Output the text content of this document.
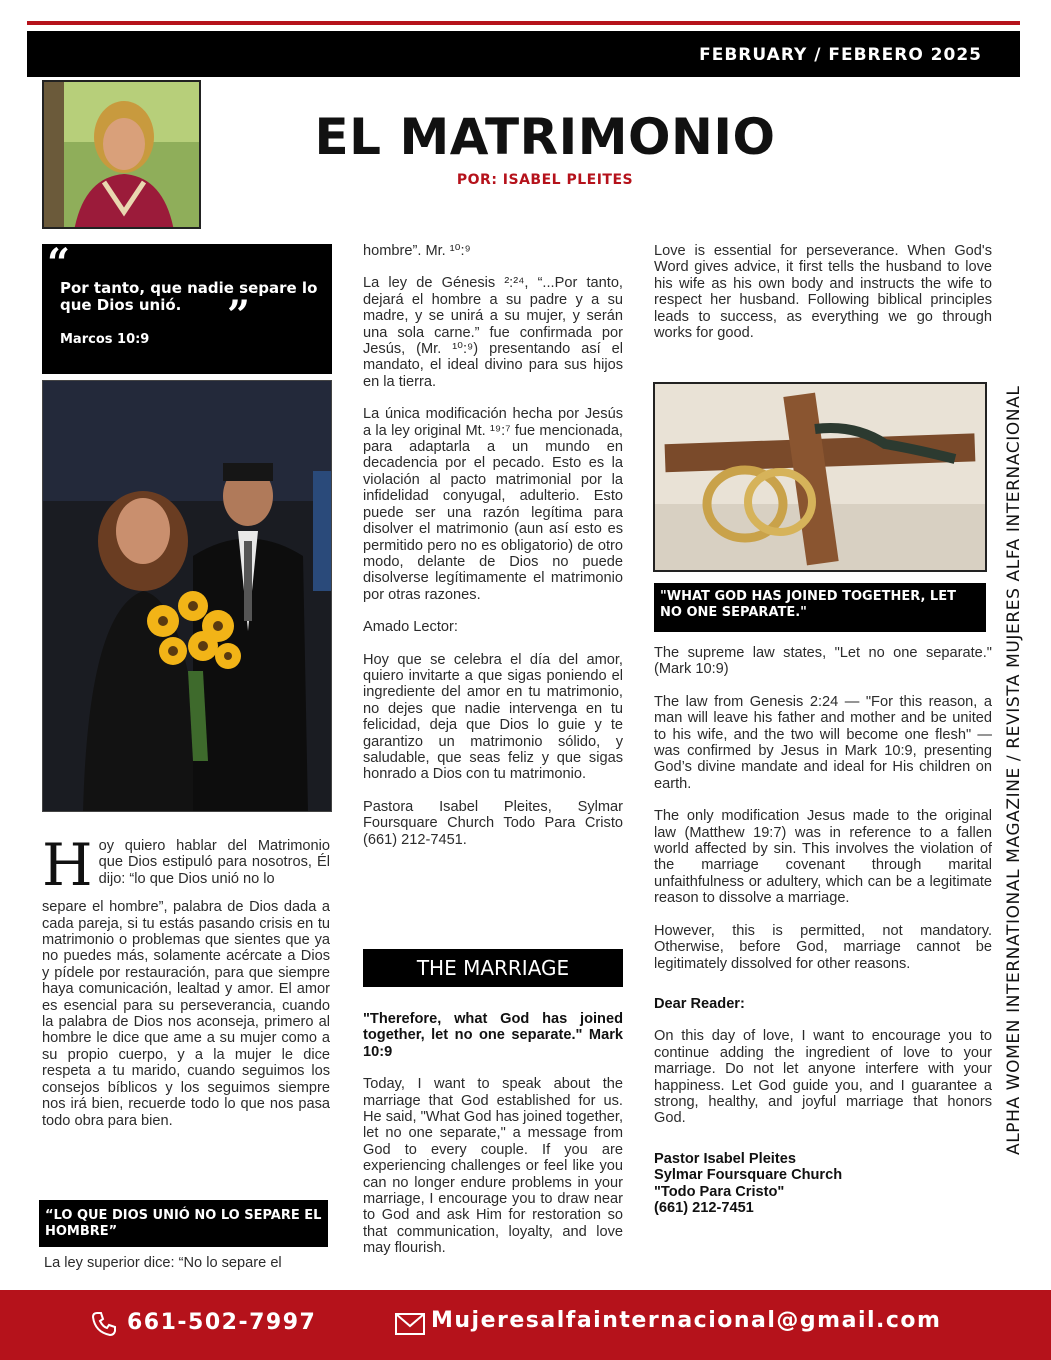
FEBRUARY / FEBRERO 2025
EL MATRIMONIO
POR: ISABEL PLEITES
“
Por tanto, que nadie separe lo que Dios unió.	”
Marcos 10:9
Hoy quiero hablar del Matrimonio que Dios estipuló para nosotros, Él dijo: “lo que Dios unió no lo

separe el hombre”, palabra de Dios dada a cada pareja, si tu estás pasando crisis en tu matrimonio o problemas que sientes que ya no puedes más, solamente acércate a Dios y pídele por restauración, para que siempre haya comunicación, lealtad y amor. El amor es esencial para su perseverancia, cuando la palabra de Dios nos aconseja, primero al hombre le dice que ame a su mujer como a su propio cuerpo, y a la mujer le dice respeta a tu marido, cuando seguimos los consejos bíblicos y los seguimos siempre nos irá bien, recuerde todo lo que nos pasa todo obra para bien.

“LO QUE DIOS UNIÓ NO LO SEPARE EL HOMBRE”
La ley superior dice: “No lo separe el

hombre”. Mr. ¹⁰:⁹

La ley de Génesis ²:²⁴, “...Por tanto, dejará el hombre a su padre y a su madre, y se unirá a su mujer, y serán una sola carne.” fue confirmada por Jesús, (Mr. ¹⁰:⁹) presentando así el mandato, el ideal divino para sus hijos en la tierra.

La única modificación hecha por Jesús a la ley original Mt. ¹⁹:⁷ fue mencionada, para adaptarla a un mundo en decadencia por el pecado. Esto es la violación al pacto matrimonial por la infidelidad conyugal, adulterio. Esto puede ser una razón legítima para disolver el matrimonio (aun así esto es permitido pero no es obligatorio) de otro modo, delante de Dios no puede disolverse legítimamente el matrimonio por otras razones.

Amado Lector:

Hoy que se celebra el día del amor, quiero invitarte a que sigas poniendo el ingrediente del amor en tu matrimonio, no dejes que nadie intervenga en tu felicidad, deja que Dios lo guie y te garantizo un matrimonio sólido, y saludable, que seas feliz y que sigas honrado a Dios con tu matrimonio.

Pastora Isabel Pleites, Sylmar Foursquare Church Todo Para Cristo (661) 212-7451.

THE MARRIAGE

"Therefore, what God has joined together, let no one separate." Mark 10:9

Today, I want to speak about the marriage that God established for us. He said, "What God has joined together, let no one separate," a message from God to every couple. If you are experiencing challenges or feel like you can no longer endure problems in your marriage, I encourage you to draw near to God and ask Him for restoration so that communication, loyalty, and love may flourish.

Love is essential for perseverance. When God's Word gives advice, it first tells the husband to love his wife as his own body and instructs the wife to respect her husband. Following biblical principles leads to success, as everything we go through works for good.

"WHAT GOD HAS JOINED TOGETHER, LET NO ONE SEPARATE."

The supreme law states, "Let no one separate." (Mark 10:9)

The law from Genesis 2:24 — "For this reason, a man will leave his father and mother and be united to his wife, and the two will become one flesh" — was confirmed by Jesus in Mark 10:9, presenting God’s divine mandate and ideal for His children on earth.

The only modification Jesus made to the original law (Matthew 19:7) was in reference to a fallen world affected by sin. This involves the violation of the marriage covenant through marital unfaithfulness or adultery, which can be a legitimate reason to dissolve a marriage.

However, this is permitted, not mandatory. Otherwise, before God, marriage cannot be legitimately dissolved for other reasons.

Dear Reader:

On this day of love, I want to encourage you to continue adding the ingredient of love to your marriage. Do not let anyone interfere with your happiness. Let God guide you, and I guarantee a strong, healthy, and joyful marriage that honors God.

Pastor Isabel Pleites
Sylmar Foursquare Church
"Todo Para Cristo"
(661) 212-7451
ALPHA WOMEN INTERNATIONAL MAGAZINE / REVISTA MUJERES ALFA INTERNACIONAL
661-502-7997	Mujeresalfainternacional@gmail.com
